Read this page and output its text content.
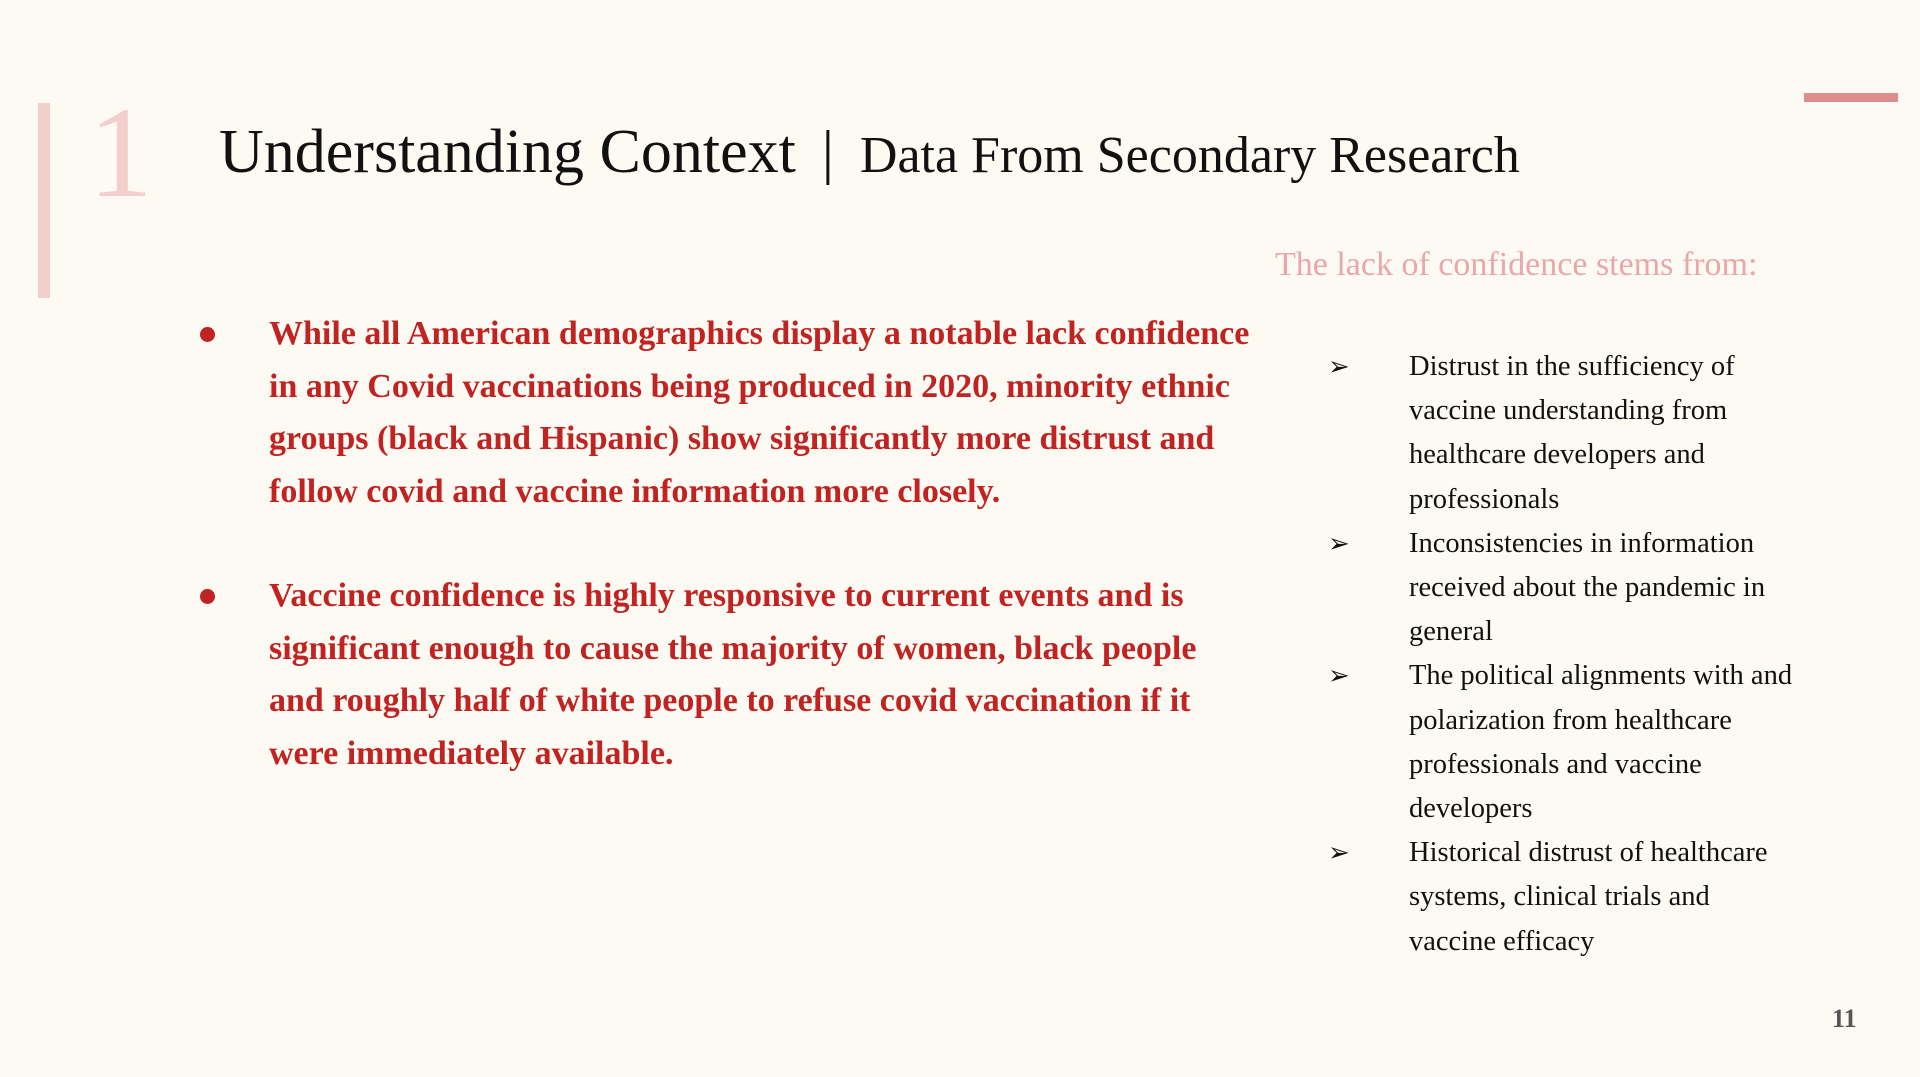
1 Understanding Context | Data From Secondary Research
While all American demographics display a notable lack confidence in any Covid vaccinations being produced in 2020, minority ethnic groups (black and Hispanic) show significantly more distrust and follow covid and vaccine information more closely.
Vaccine confidence is highly responsive to current events and is significant enough to cause the majority of women, black people and roughly half of white people to refuse covid vaccination if it were immediately available.
The lack of confidence stems from:
➢ Distrust in the sufficiency of vaccine understanding from healthcare developers and professionals
➢ Inconsistencies in information received about the pandemic in general
➢ The political alignments with and polarization from healthcare professionals and vaccine developers
➢ Historical distrust of healthcare systems, clinical trials and vaccine efficacy
11
